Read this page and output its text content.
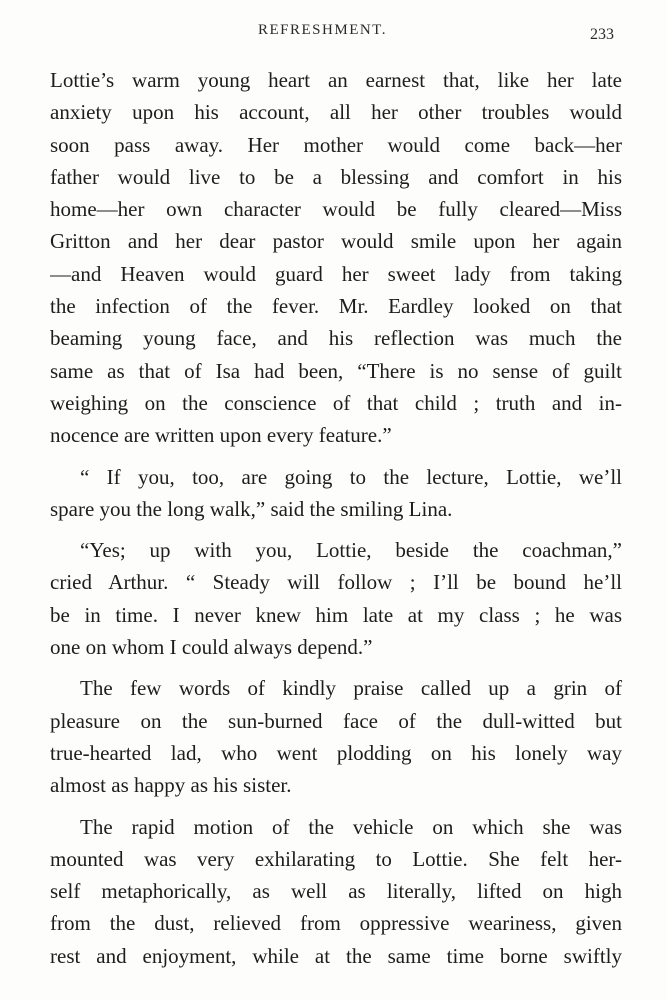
REFRESHMENT.	233
Lottie’s warm young heart an earnest that, like her late
anxiety upon his account, all her other troubles would
soon pass away. Her mother would come back—her
father would live to be a blessing and comfort in his
home—her own character would be fully cleared—Miss
Gritton and her dear pastor would smile upon her again
—and Heaven would guard her sweet lady from taking
the infection of the fever. Mr. Eardley looked on that
beaming young face, and his reflection was much the
same as that of Isa had been, “There is no sense of guilt
weighing on the conscience of that child ; truth and in-
nocence are written upon every feature.”
“ If you, too, are going to the lecture, Lottie, we’ll
spare you the long walk,” said the smiling Lina.
“Yes; up with you, Lottie, beside the coachman,”
cried Arthur. “ Steady will follow ; I’ll be bound he’ll
be in time. I never knew him late at my class ; he was
one on whom I could always depend.”
The few words of kindly praise called up a grin of
pleasure on the sun-burned face of the dull-witted but
true-hearted lad, who went plodding on his lonely way
almost as happy as his sister.
The rapid motion of the vehicle on which she was
mounted was very exhilarating to Lottie. She felt her-
self metaphorically, as well as literally, lifted on high
from the dust, relieved from oppressive weariness, given
rest and enjoyment, while at the same time borne swiftly
